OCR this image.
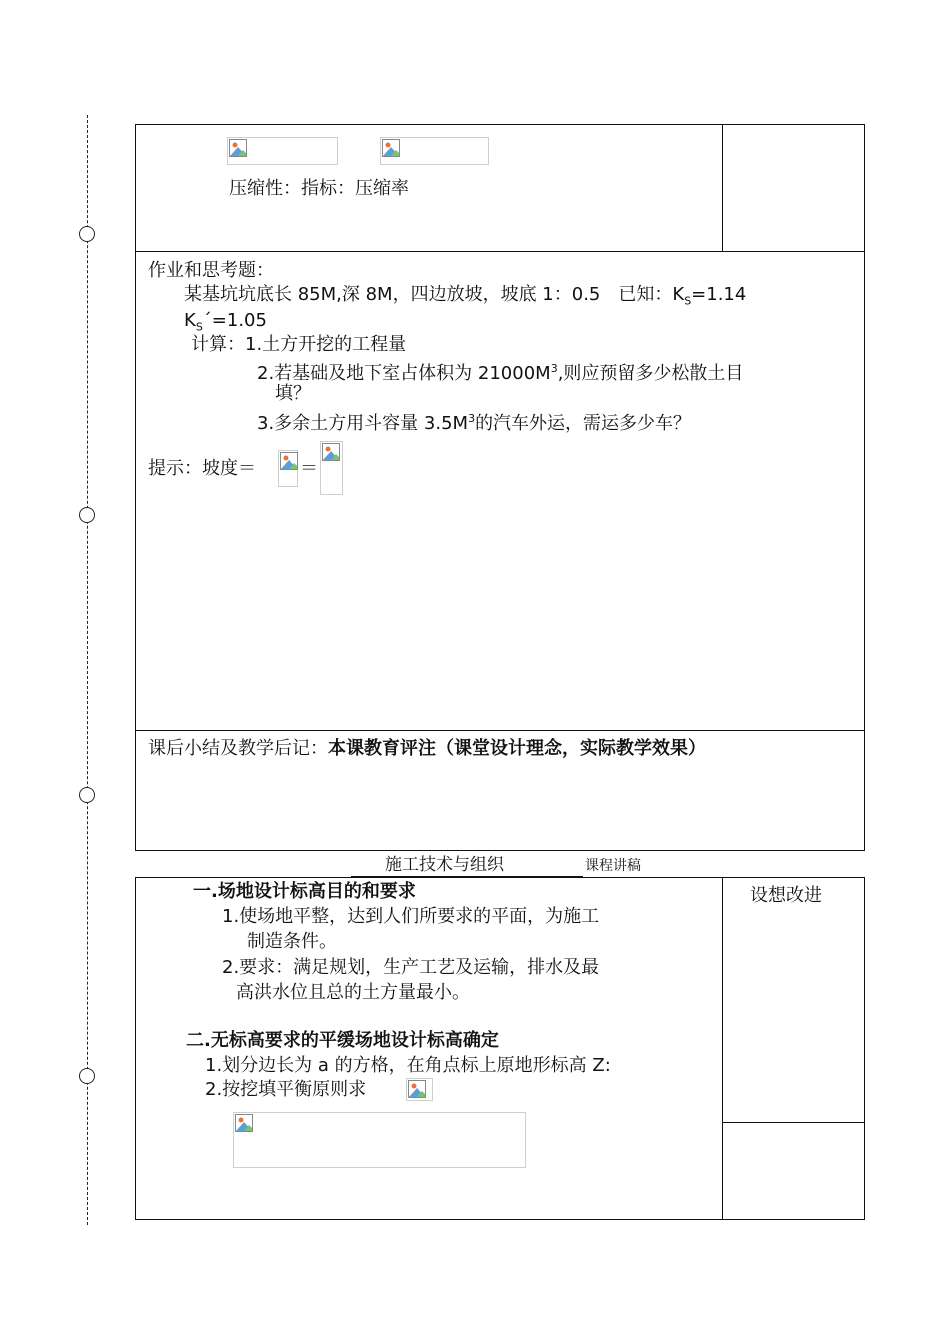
压缩性：指标：压缩率
作业和思考题：
某基坑坑底长 85M,深 8M，四边放坡，坡底 1：0.5　已知：$K_S=1.14$
$K_S´=1.05$
计算：1.土方开挖的工程量
2.若基础及地下室占体积为 $21000M^3$,则应预留多少松散土目
填？
3.多余土方用斗容量 $3.5M^3$的汽车外运，需运多少车？
提示：坡度＝ ＝
课后小结及教学后记：本课教育评注（课堂设计理念，实际教学效果）
施工技术与组织	课程讲稿
设想改进
一.场地设计标高目的和要求
1.使场地平整，达到人们所要求的平面，为施工
制造条件。
2.要求：满足规划，生产工艺及运输，排水及最
高洪水位且总的土方量最小。
二.无标高要求的平缓场地设计标高确定
1.划分边长为 a 的方格，在角点标上原地形标高 Z:
2.按挖填平衡原则求
